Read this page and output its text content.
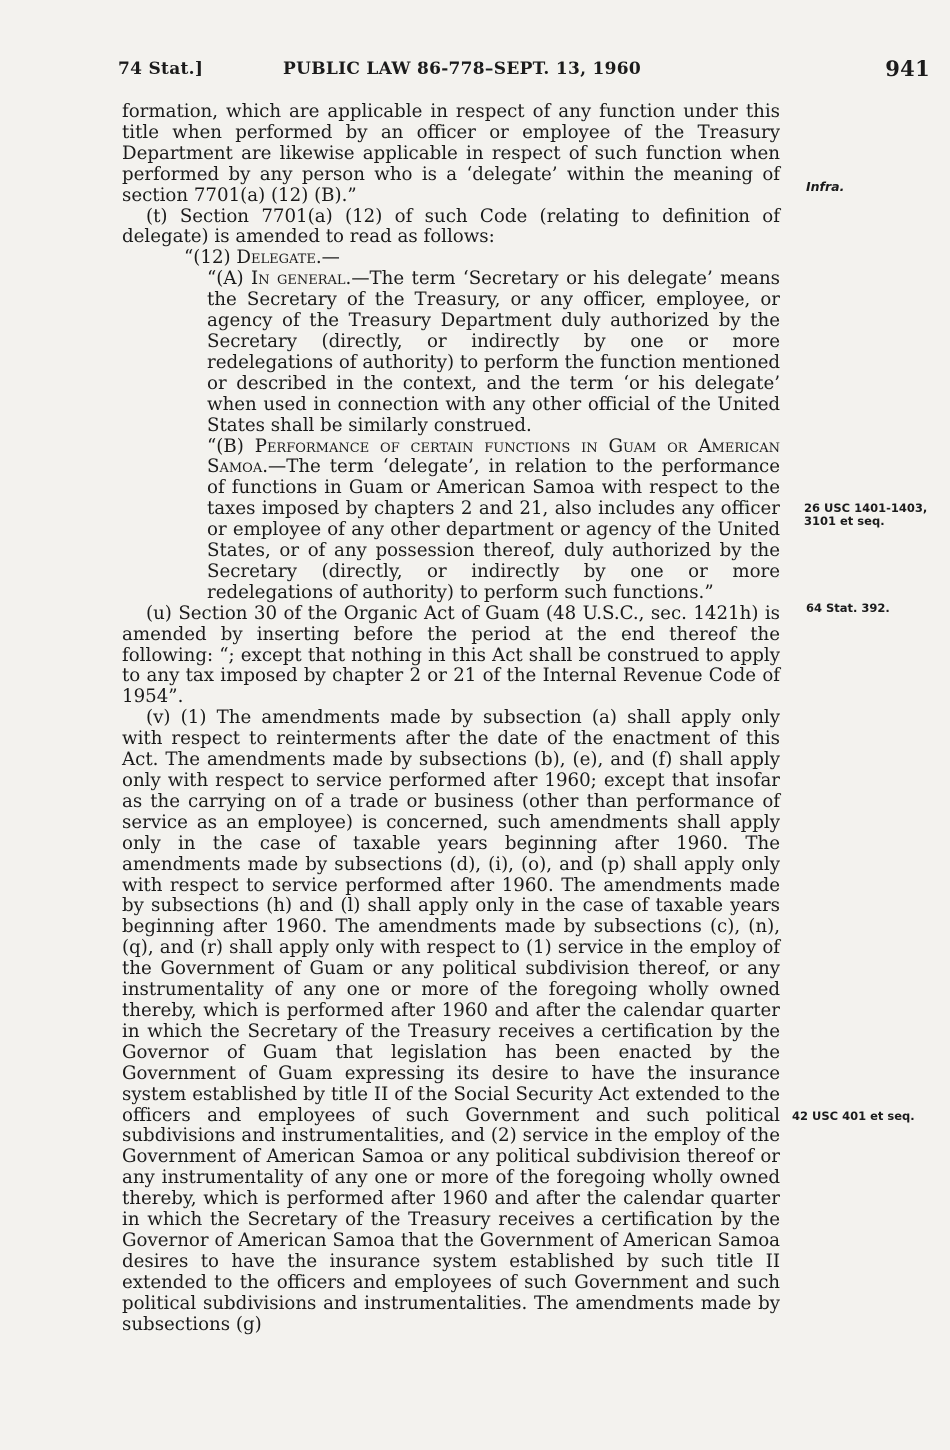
74 Stat.]	PUBLIC LAW 86-778–SEPT. 13, 1960	941

formation, which are applicable in respect of any function under this title when performed by an officer or employee of the Treasury Department are likewise applicable in respect of such function when performed by any person who is a ‘delegate’ within the meaning of section 7701(a) (12) (B).”

(t) Section 7701(a) (12) of such Code (relating to definition of delegate) is amended to read as follows:

“(12) Delegate.—

“(A) In general.—The term ‘Secretary or his delegate’ means the Secretary of the Treasury, or any officer, employee, or agency of the Treasury Department duly authorized by the Secretary (directly, or indirectly by one or more redelegations of authority) to perform the function mentioned or described in the context, and the term ‘or his delegate’ when used in connection with any other official of the United States shall be similarly construed.

“(B) Performance of certain functions in Guam or American Samoa.—The term ‘delegate’, in relation to the performance of functions in Guam or American Samoa with respect to the taxes imposed by chapters 2 and 21, also includes any officer or employee of any other department or agency of the United States, or of any possession thereof, duly authorized by the Secretary (directly, or indirectly by one or more redelegations of authority) to perform such functions.”

(u) Section 30 of the Organic Act of Guam (48 U.S.C., sec. 1421h) is amended by inserting before the period at the end thereof the following: “; except that nothing in this Act shall be construed to apply to any tax imposed by chapter 2 or 21 of the Internal Revenue Code of 1954”.

(v) (1) The amendments made by subsection (a) shall apply only with respect to reinterments after the date of the enactment of this Act. The amendments made by subsections (b), (e), and (f) shall apply only with respect to service performed after 1960; except that insofar as the carrying on of a trade or business (other than performance of service as an employee) is concerned, such amendments shall apply only in the case of taxable years beginning after 1960. The amendments made by subsections (d), (i), (o), and (p) shall apply only with respect to service performed after 1960. The amendments made by subsections (h) and (l) shall apply only in the case of taxable years beginning after 1960. The amendments made by subsections (c), (n), (q), and (r) shall apply only with respect to (1) service in the employ of the Government of Guam or any political subdivision thereof, or any instrumentality of any one or more of the foregoing wholly owned thereby, which is performed after 1960 and after the calendar quarter in which the Secretary of the Treasury receives a certification by the Governor of Guam that legislation has been enacted by the Government of Guam expressing its desire to have the insurance system established by title II of the Social Security Act extended to the officers and employees of such Government and such political subdivisions and instrumentalities, and (2) service in the employ of the Government of American Samoa or any political subdivision thereof or any instrumentality of any one or more of the foregoing wholly owned thereby, which is performed after 1960 and after the calendar quarter in which the Secretary of the Treasury receives a certification by the Governor of American Samoa that the Government of American Samoa desires to have the insurance system established by such title II extended to the officers and employees of such Government and such political subdivisions and instrumentalities. The amendments made by subsections (g)

Infra.
26 USC 1401-1403, 3101 et seq.
64 Stat. 392.
42 USC 401 et seq.
